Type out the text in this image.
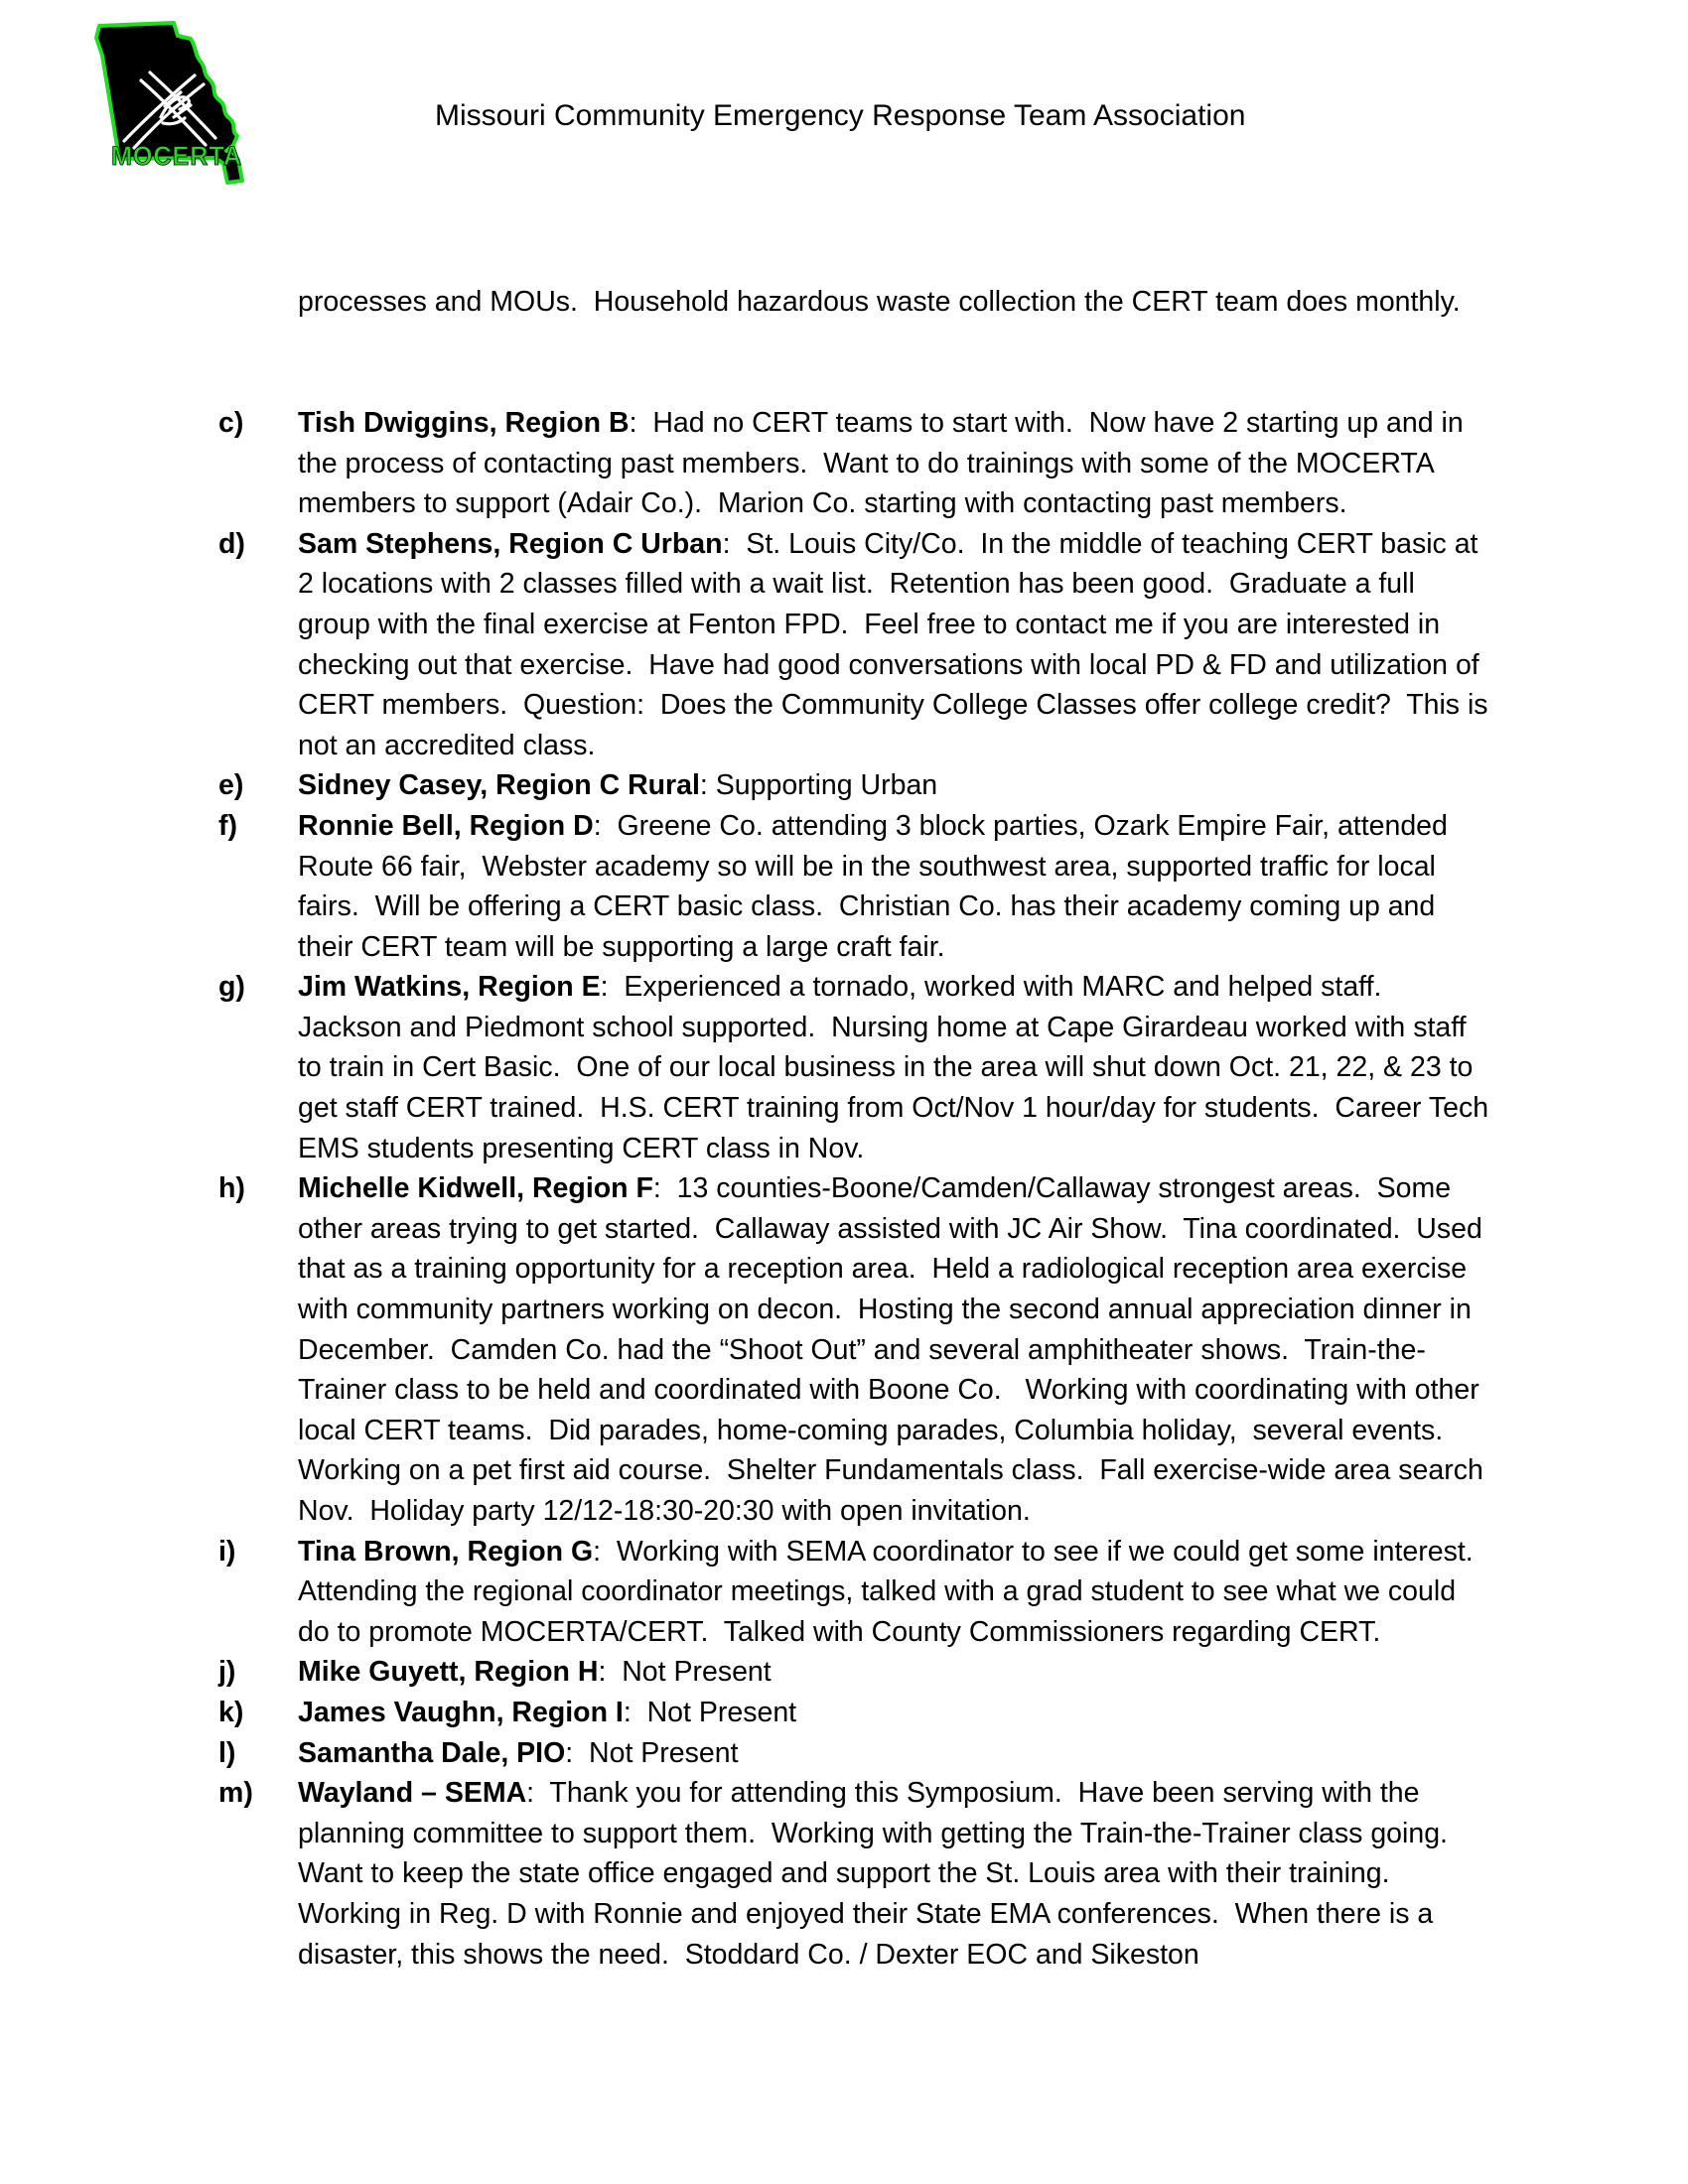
MOCERTA
Missouri Community Emergency Response Team Association

processes and MOUs.  Household hazardous waste collection the CERT team does monthly.

c) Tish Dwiggins, Region B:  Had no CERT teams to start with.  Now have 2 starting up and in the process of contacting past members.  Want to do trainings with some of the MOCERTA members to support (Adair Co.).  Marion Co. starting with contacting past members.
d) Sam Stephens, Region C Urban:  St. Louis City/Co.  In the middle of teaching CERT basic at 2 locations with 2 classes filled with a wait list.  Retention has been good.  Graduate a full group with the final exercise at Fenton FPD.  Feel free to contact me if you are interested in checking out that exercise.  Have had good conversations with local PD & FD and utilization of CERT members.  Question:  Does the Community College Classes offer college credit?  This is not an accredited class.
e) Sidney Casey, Region C Rural: Supporting Urban
f) Ronnie Bell, Region D:  Greene Co. attending 3 block parties, Ozark Empire Fair, attended Route 66 fair,  Webster academy so will be in the southwest area, supported traffic for local fairs.  Will be offering a CERT basic class.  Christian Co. has their academy coming up and their CERT team will be supporting a large craft fair.
g) Jim Watkins, Region E:  Experienced a tornado, worked with MARC and helped staff.  Jackson and Piedmont school supported.  Nursing home at Cape Girardeau worked with staff to train in Cert Basic.  One of our local business in the area will shut down Oct. 21, 22, & 23 to get staff CERT trained.  H.S. CERT training from Oct/Nov 1 hour/day for students.  Career Tech EMS students presenting CERT class in Nov.
h) Michelle Kidwell, Region F:  13 counties-Boone/Camden/Callaway strongest areas.  Some other areas trying to get started.  Callaway assisted with JC Air Show.  Tina coordinated.  Used that as a training opportunity for a reception area.  Held a radiological reception area exercise  with community partners working on decon.  Hosting the second annual appreciation dinner in December.  Camden Co. had the “Shoot Out” and several amphitheater shows.  Train-the-Trainer class to be held and coordinated with Boone Co.   Working with coordinating with other local CERT teams.  Did parades, home-coming parades, Columbia holiday,  several events.  Working on a pet first aid course.  Shelter Fundamentals class.  Fall exercise-wide area search Nov.  Holiday party 12/12-18:30-20:30 with open invitation.
i) Tina Brown, Region G:  Working with SEMA coordinator to see if we could get some interest.  Attending the regional coordinator meetings, talked with a grad student to see what we could do to promote MOCERTA/CERT.  Talked with County Commissioners regarding CERT.
j) Mike Guyett, Region H:  Not Present
k) James Vaughn, Region I:  Not Present
l) Samantha Dale, PIO:  Not Present
m) Wayland – SEMA:  Thank you for attending this Symposium.  Have been serving with the planning committee to support them.  Working with getting the Train-the-Trainer class going.  Want to keep the state office engaged and support the St. Louis area with their training.  Working in Reg. D with Ronnie and enjoyed their State EMA conferences.  When there is a disaster, this shows the need.  Stoddard Co. / Dexter EOC and Sikeston
